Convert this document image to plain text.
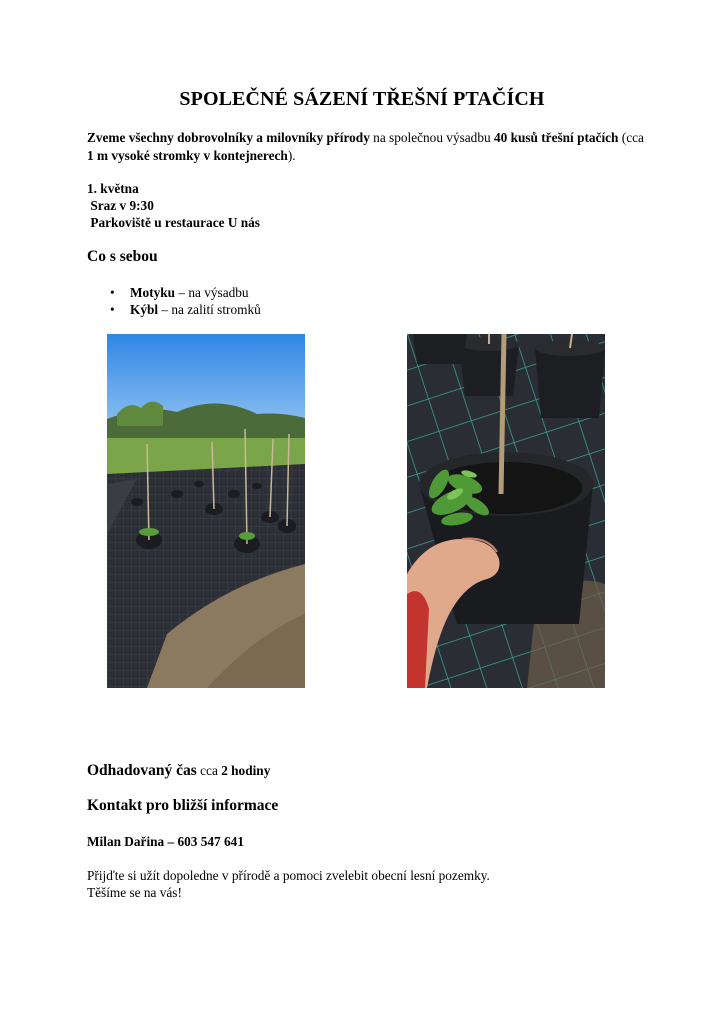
SPOLEČNÉ SÁZENÍ TŘEŠNÍ PTAČÍCH
Zveme všechny dobrovolníky a milovníky přírody na společnou výsadbu 40 kusů třešní ptačích (cca 1 m vysoké stromky v kontejnerech).
1. května
Sraz v 9:30
Parkoviště u restaurace U nás
Co s sebou
• Motyku – na výsadbu
• Kýbl – na zalití stromků
Odhadovaný čas cca 2 hodiny
Kontakt pro bližší informace
Milan Dařina – 603 547 641
Přijďte si užít dopoledne v přírodě a pomoci zvelebit obecní lesní pozemky.
Těšíme se na vás!
